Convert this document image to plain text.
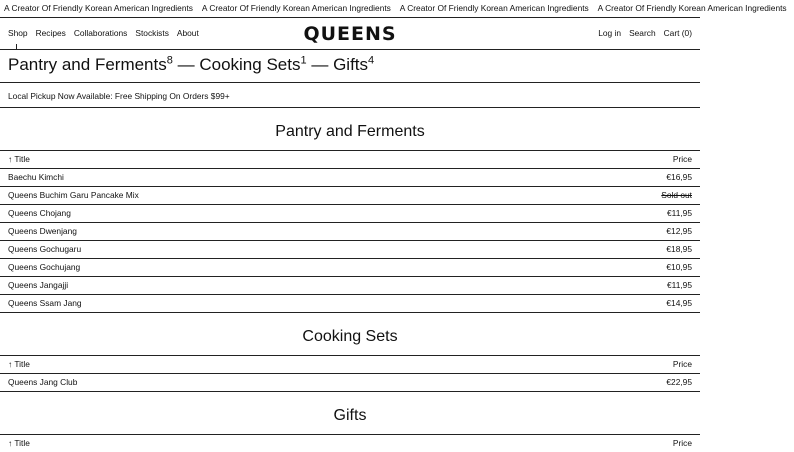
A Creator Of Friendly Korean American Ingredients A Creator Of Friendly Korean American Ingredients A Creator Of Friendly Korean American Ingredients A Creator Of Friendly Korean American Ingredients
Shop Recipes Collaborations Stockists About	QUEENS	Log in Search Cart (0)
Pantry and Ferments$^8$ — Cooking Sets$^1$ — Gifts$^4$
Local Pickup Now Available: Free Shipping On Orders $99+
Pantry and Ferments
↑ Title	Price
Baechu Kimchi	€16,95
Queens Buchim Garu Pancake Mix	Sold out
Queens Chojang	€11,95
Queens Dwenjang	€12,95
Queens Gochugaru	€18,95
Queens Gochujang	€10,95
Queens Jangajji	€11,95
Queens Ssam Jang	€14,95
Cooking Sets
↑ Title	Price
Queens Jang Club	€22,95
Gifts
↑ Title	Price
